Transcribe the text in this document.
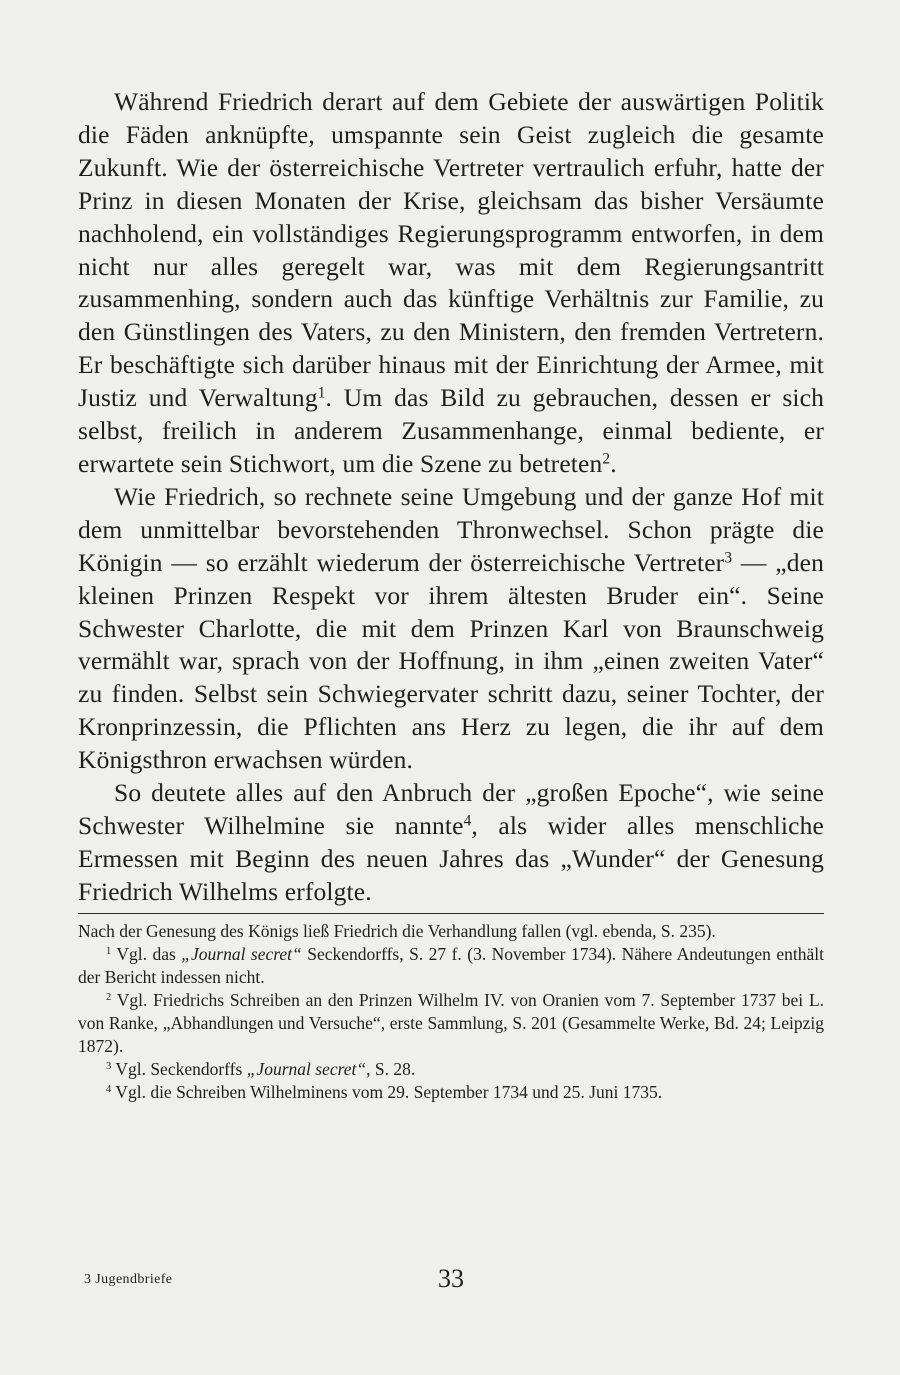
Während Friedrich derart auf dem Gebiete der auswärtigen Politik die Fäden anknüpfte, umspannte sein Geist zugleich die gesamte Zukunft. Wie der österreichische Vertreter vertraulich erfuhr, hatte der Prinz in diesen Monaten der Krise, gleichsam das bisher Versäumte nachholend, ein vollständiges Regierungsprogramm entworfen, in dem nicht nur alles geregelt war, was mit dem Regierungsantritt zusammenhing, sondern auch das künftige Verhältnis zur Familie, zu den Günstlingen des Vaters, zu den Ministern, den fremden Vertretern. Er beschäftigte sich darüber hinaus mit der Einrichtung der Armee, mit Justiz und Verwaltung$^1$. Um das Bild zu gebrauchen, dessen er sich selbst, freilich in anderem Zusammenhange, einmal bediente, er erwartete sein Stichwort, um die Szene zu betreten$^2$.

Wie Friedrich, so rechnete seine Umgebung und der ganze Hof mit dem unmittelbar bevorstehenden Thronwechsel. Schon prägte die Königin — so erzählt wiederum der österreichische Vertreter$^3$ — „den kleinen Prinzen Respekt vor ihrem ältesten Bruder ein“. Seine Schwester Charlotte, die mit dem Prinzen Karl von Braunschweig vermählt war, sprach von der Hoffnung, in ihm „einen zweiten Vater“ zu finden. Selbst sein Schwiegervater schritt dazu, seiner Tochter, der Kronprinzessin, die Pflichten ans Herz zu legen, die ihr auf dem Königsthron erwachsen würden.

So deutete alles auf den Anbruch der „großen Epoche“, wie seine Schwester Wilhelmine sie nannte$^4$, als wider alles menschliche Ermessen mit Beginn des neuen Jahres das „Wunder“ der Genesung Friedrich Wilhelms erfolgte.

Nach der Genesung des Königs ließ Friedrich die Verhandlung fallen (vgl. ebenda, S. 235).

$^1$ Vgl. das „Journal secret“ Seckendorffs, S. 27 f. (3. November 1734). Nähere Andeutungen enthält der Bericht indessen nicht.

$^2$ Vgl. Friedrichs Schreiben an den Prinzen Wilhelm IV. von Oranien vom 7. September 1737 bei L. von Ranke, „Abhandlungen und Versuche“, erste Sammlung, S. 201 (Gesammelte Werke, Bd. 24; Leipzig 1872).

$^3$ Vgl. Seckendorffs „Journal secret“, S. 28.

$^4$ Vgl. die Schreiben Wilhelminens vom 29. September 1734 und 25. Juni 1735.

3 Jugendbriefe	33
